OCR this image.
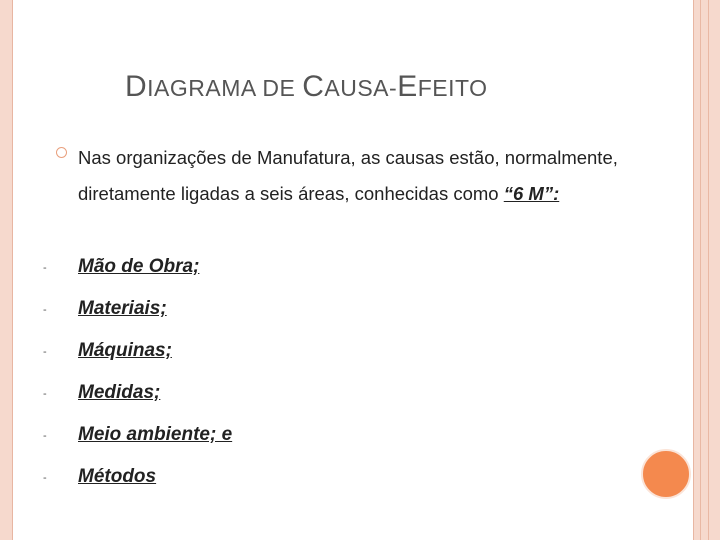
DIAGRAMA DE CAUSA-EFEITO
Nas organizações de Manufatura, as causas estão, normalmente, diretamente ligadas a seis áreas, conhecidas como “6 M”:
- Mão de Obra;
- Materiais;
- Máquinas;
- Medidas;
- Meio ambiente; e
- Métodos
